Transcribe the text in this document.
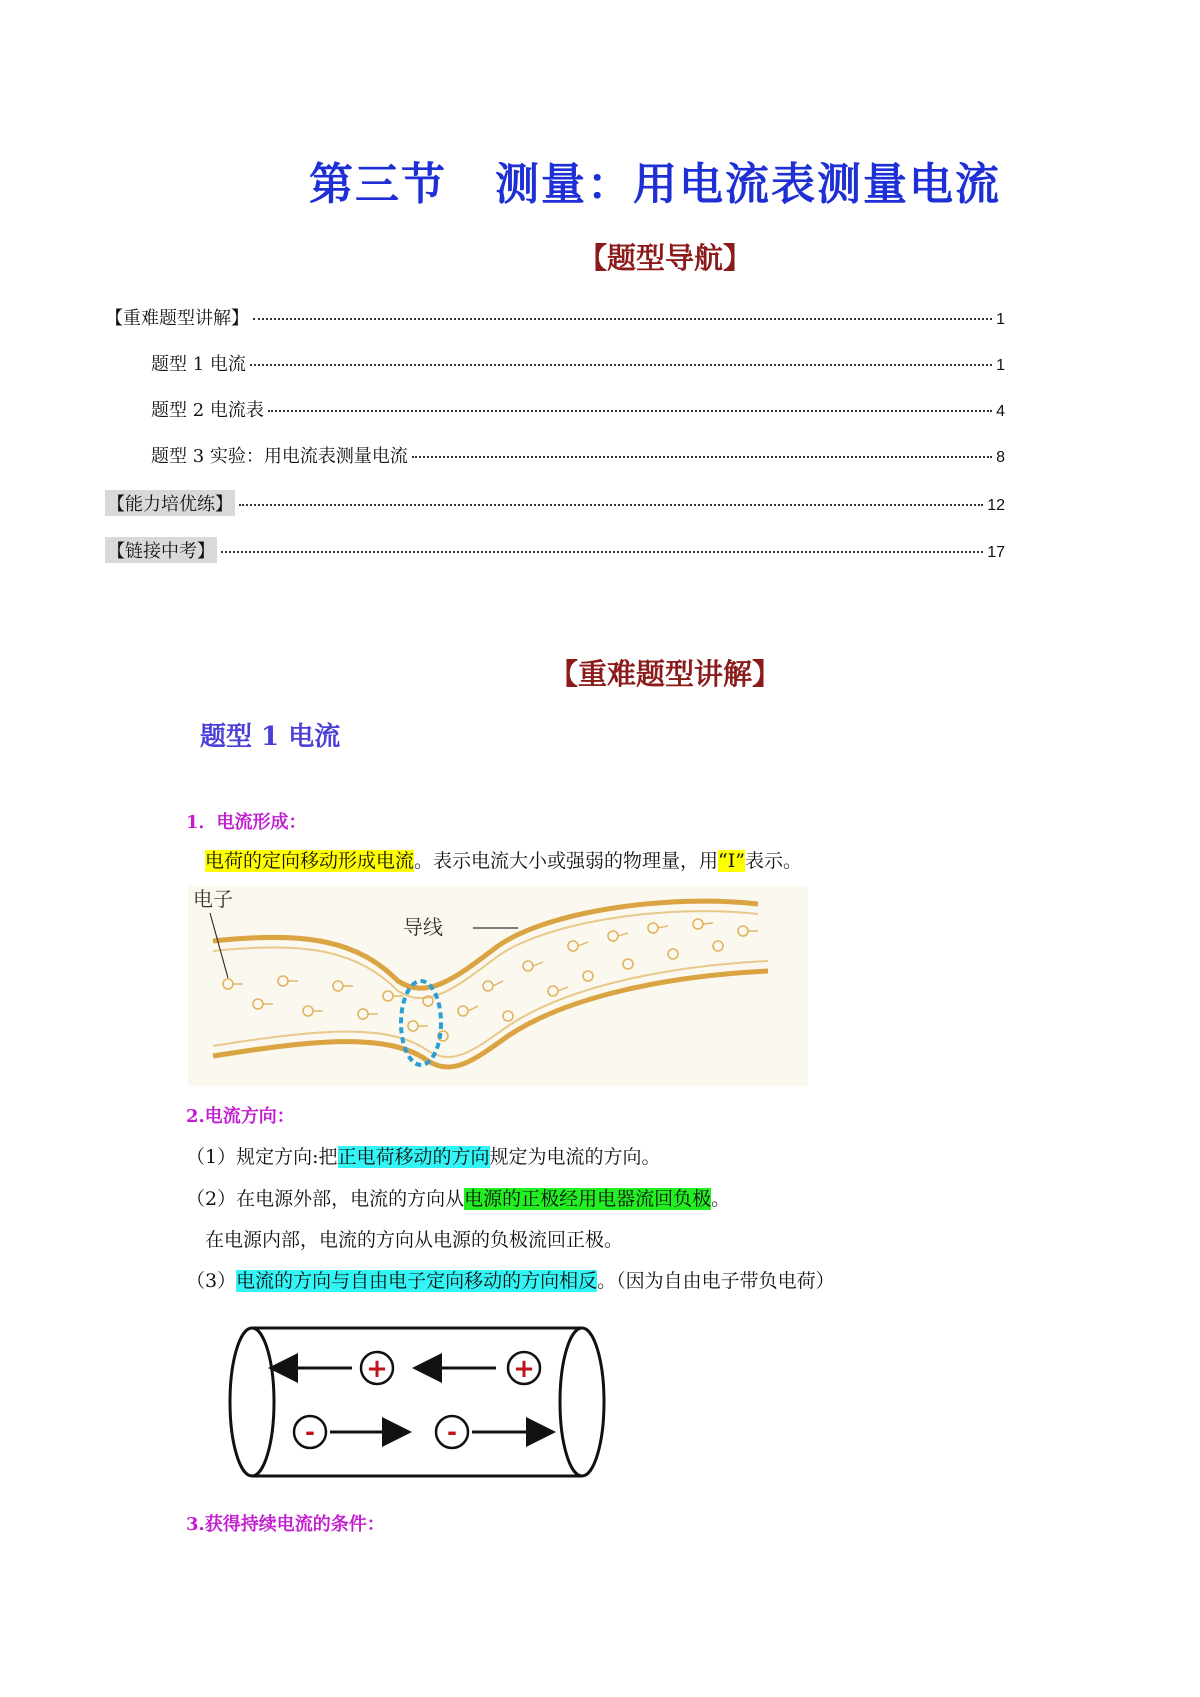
第三节 测量：用电流表测量电流
【题型导航】
【重难题型讲解】	1
题型 1 电流	1
题型 2 电流表	4
题型 3 实验：用电流表测量电流	8
【能力培优练】	12
【链接中考】	17
【重难题型讲解】
题型 1 电流
1．电流形成：
电荷的定向移动形成电流。表示电流大小或强弱的物理量，用“I”表示。
电子
导线
2.电流方向：
（1）规定方向:把正电荷移动的方向规定为电流的方向。
（2）在电源外部，电流的方向从电源的正极经用电器流回负极。
在电源内部，电流的方向从电源的负极流回正极。
（3）电流的方向与自由电子定向移动的方向相反。（因为自由电子带负电荷）
+	+
-	-
3.获得持续电流的条件：
